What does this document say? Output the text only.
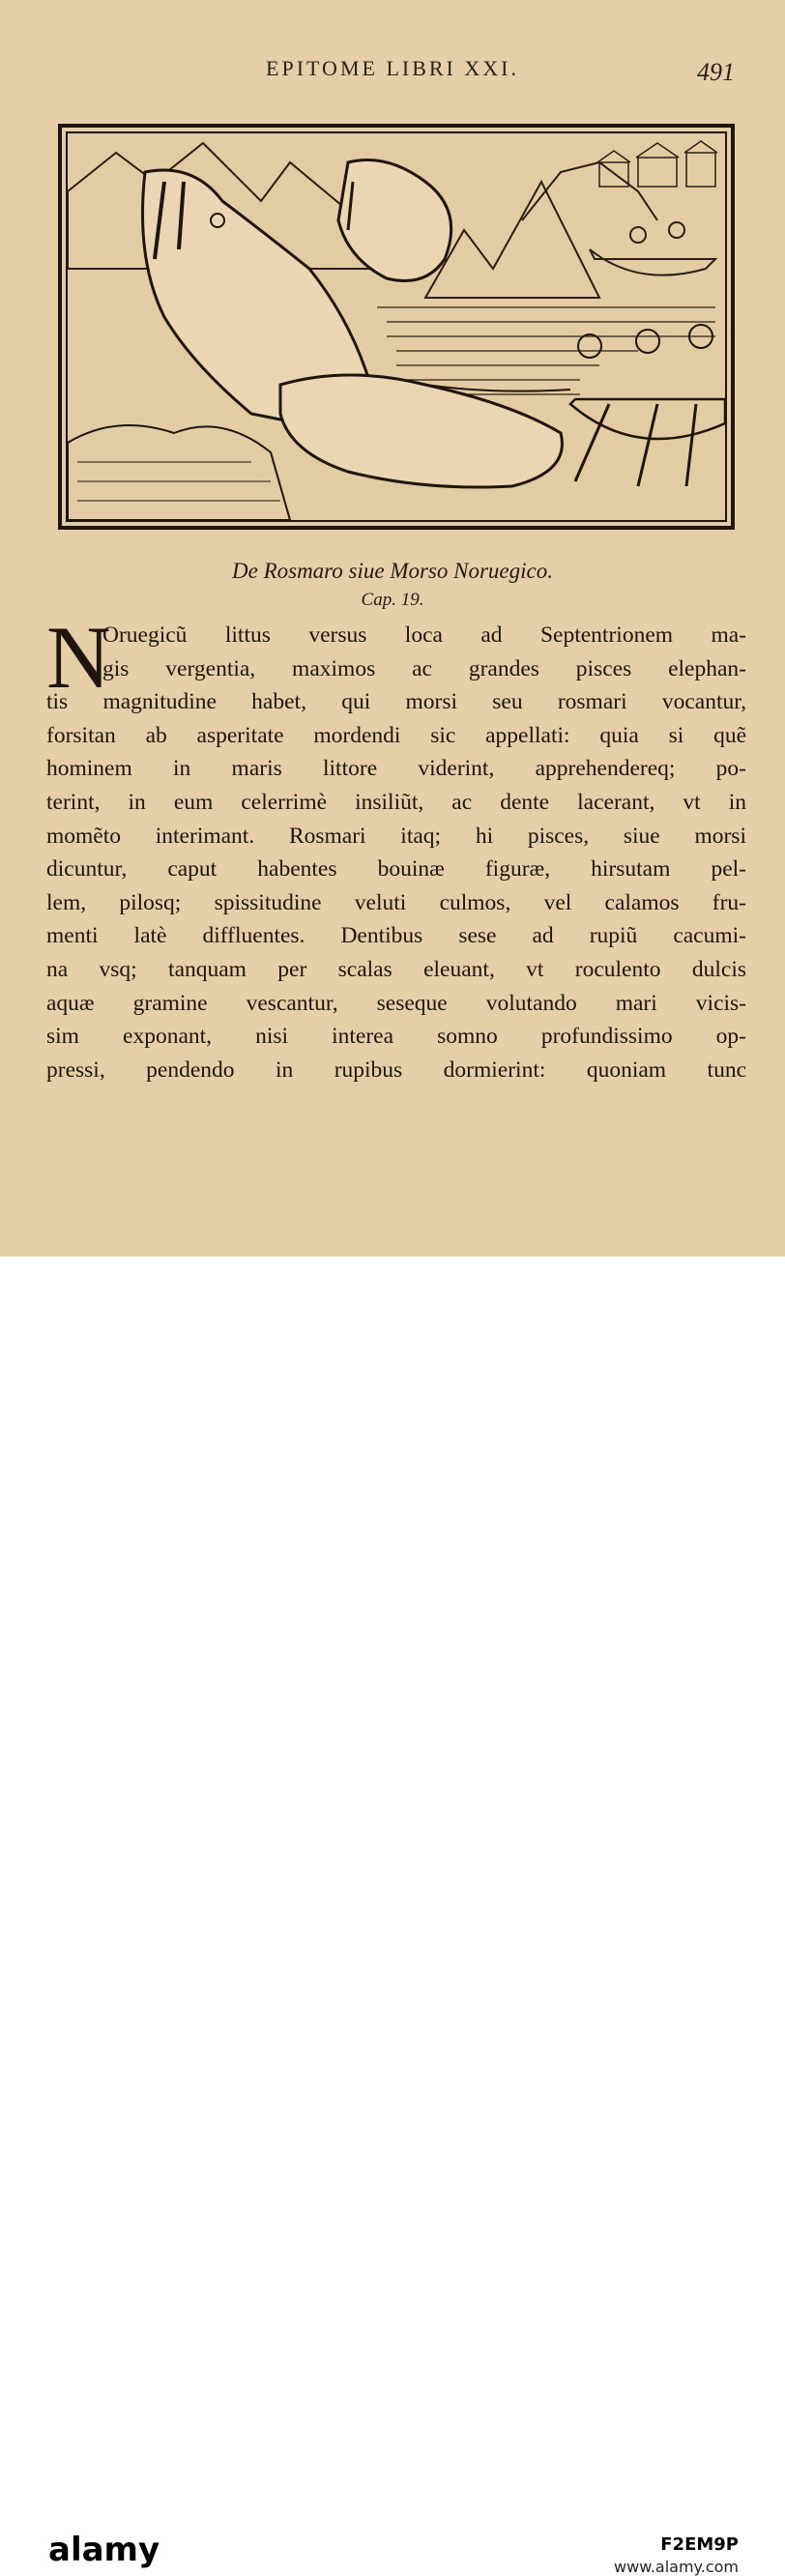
EPITOME LIBRI XXI.	491
De Rosmaro siue Morso Noruegico.
Cap. 19.
N
Oruegicũ littus versus loca ad Septentrionem ma-
gis vergentia, maximos ac grandes pisces elephan-
tis magnitudine habet, qui morsi seu rosmari vocantur,
forsitan ab asperitate mordendi sic appellati: quia si quẽ
hominem in maris littore viderint, apprehendereq; po-
terint, in eum celerrimè insiliũt, ac dente lacerant, vt in
momẽto interimant. Rosmari itaq; hi pisces, siue morsi
dicuntur, caput habentes bouinæ figuræ, hirsutam pel-
lem, pilosq; spissitudine veluti culmos, vel calamos fru-
menti latè diffluentes. Dentibus sese ad rupiũ cacumi-
na vsq; tanquam per scalas eleuant, vt roculento dulcis
aquæ gramine vescantur, seseque volutando mari vicis-
sim exponant, nisi interea somno profundissimo op-
pressi, pendendo in rupibus dormierint: quoniam tunc
alamy	F2EM9P
www.alamy.com
